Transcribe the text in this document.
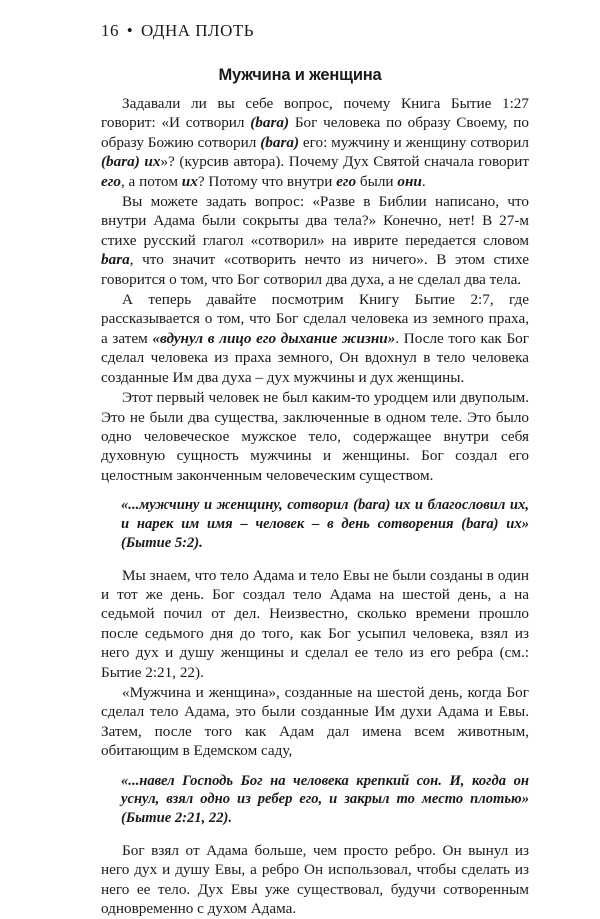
16 • ОДНА ПЛОТЬ
Мужчина и женщина

Задавали ли вы себе вопрос, почему Книга Бытие 1:27 говорит: «И сотворил (bara) Бог человека по образу Своему, по образу Божию сотворил (bara) его: мужчину и женщину сотворил (bara) их»? (курсив автора). Почему Дух Святой сначала говорит его, а потом их? Потому что внутри его были они.

Вы можете задать вопрос: «Разве в Библии написано, что внутри Адама были сокрыты два тела?» Конечно, нет! В 27-м стихе русский глагол «сотворил» на иврите передается словом bara, что значит «сотворить нечто из ничего». В этом стихе говорится о том, что Бог сотворил два духа, а не сделал два тела.

А теперь давайте посмотрим Книгу Бытие 2:7, где рассказывается о том, что Бог сделал человека из земного праха, а затем «вдунул в лицо его дыхание жизни». После того как Бог сделал человека из праха земного, Он вдохнул в тело человека созданные Им два духа – дух мужчины и дух женщины.

Этот первый человек не был каким-то уродцем или двуполым. Это не были два существа, заключенные в одном теле. Это было одно человеческое мужское тело, содержащее внутри себя духовную сущность мужчины и женщины. Бог создал его целостным законченным человеческим существом.

«...мужчину и женщину, сотворил (bara) их и благословил их, и нарек им имя – человек – в день сотворения (bara) их» (Бытие 5:2).

Мы знаем, что тело Адама и тело Евы не были созданы в один и тот же день. Бог создал тело Адама на шестой день, а на седьмой почил от дел. Неизвестно, сколько времени прошло после седьмого дня до того, как Бог усыпил человека, взял из него дух и душу женщины и сделал ее тело из его ребра (см.: Бытие 2:21, 22).

«Мужчина и женщина», созданные на шестой день, когда Бог сделал тело Адама, это были созданные Им духи Адама и Евы. Затем, после того как Адам дал имена всем животным, обитающим в Едемском саду,

«...навел Господь Бог на человека крепкий сон. И, когда он уснул, взял одно из ребер его, и закрыл то место плотью» (Бытие 2:21, 22).

Бог взял от Адама больше, чем просто ребро. Он вынул из него дух и душу Евы, а ребро Он использовал, чтобы сделать из него ее тело. Дух Евы уже существовал, будучи сотворенным одновременно с духом Адама.
